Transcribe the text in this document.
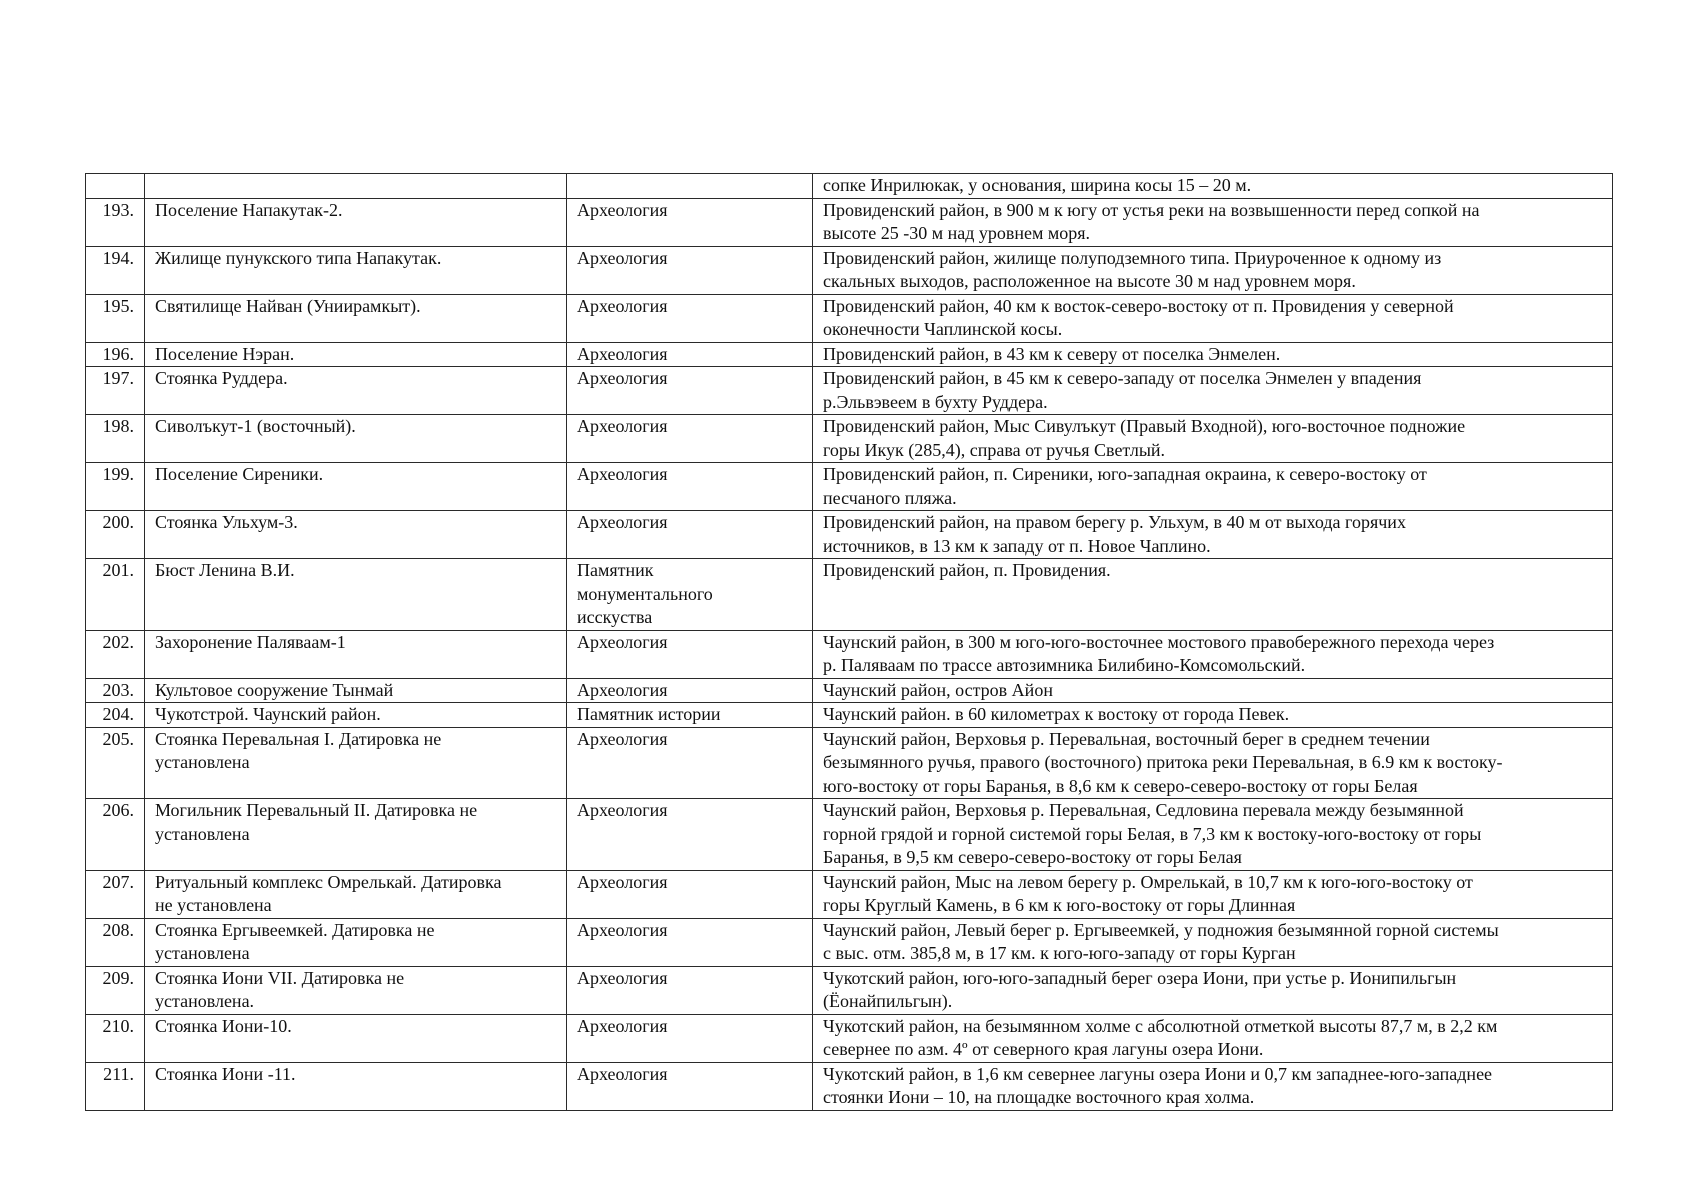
			сопке Инрилюкак, у основания, ширина косы 15 – 20 м.
193.	Поселение Напакутак-2.	Археология	Провиденский район, в 900 м к югу от устья реки на возвышенности перед сопкой на
высоте 25 -30 м над уровнем моря.
194.	Жилище пунукского типа Напакутак.	Археология	Провиденский район, жилище полуподземного типа. Приуроченное к одному из
скальных выходов, расположенное на высоте 30 м над уровнем моря.
195.	Святилище Найван (Униирамкыт).	Археология	Провиденский район, 40 км к восток-северо-востоку от п. Провидения у северной
оконечности Чаплинской косы.
196.	Поселение Нэран.	Археология	Провиденский район, в 43 км к северу от поселка Энмелен.
197.	Стоянка Руддера.	Археология	Провиденский район, в 45 км к северо-западу от поселка Энмелен у впадения
р.Эльвэвеем в бухту Руддера.
198.	Сиволъкут-1 (восточный).	Археология	Провиденский район, Мыс Сивулъкут (Правый Входной), юго-восточное подножие
горы Икук (285,4), справа от ручья Светлый.
199.	Поселение Сиреники.	Археология	Провиденский район, п. Сиреники, юго-западная окраина, к северо-востоку от
песчаного пляжа.
200.	Стоянка Ульхум-3.	Археология	Провиденский район, на правом берегу р. Ульхум, в 40 м от выхода горячих
источников, в 13 км к западу от п. Новое Чаплино.
201.	Бюст Ленина В.И.	Памятник
монументального
исскуства	Провиденский район, п. Провидения.
202.	Захоронение Паляваам-1	Археология	Чаунский район, в 300 м юго-юго-восточнее мостового правобережного перехода через
р. Паляваам по трассе автозимника Билибино-Комсомольский.
203.	Культовое сооружение Тынмай	Археология	Чаунский район, остров Айон
204.	Чукотстрой. Чаунский район.	Памятник истории	Чаунский район. в 60 километрах к востоку от города Певек.
205.	Стоянка Перевальная I. Датировка не
установлена	Археология	Чаунский район, Верховья р. Перевальная, восточный берег в среднем течении
безымянного ручья, правого (восточного) притока реки Перевальная, в 6.9 км к востоку-
юго-востоку от горы Баранья, в 8,6 км к северо-северо-востоку от горы Белая
206.	Могильник Перевальный II. Датировка не
установлена	Археология	Чаунский район, Верховья р. Перевальная, Седловина перевала между безымянной
горной грядой и горной системой горы Белая, в 7,3 км к востоку-юго-востоку от горы
Баранья, в 9,5 км северо-северо-востоку от горы Белая
207.	Ритуальный комплекс Омрелькай. Датировка
не установлена	Археология	Чаунский район, Мыс на левом берегу р. Омрелькай, в 10,7 км к юго-юго-востоку от
горы Круглый Камень, в 6 км к юго-востоку от горы Длинная
208.	Стоянка Ергывеемкей. Датировка не
установлена	Археология	Чаунский район, Левый берег р. Ергывеемкей, у подножия безымянной горной системы
с выс. отм. 385,8 м, в 17 км. к юго-юго-западу от горы Курган
209.	Стоянка Иони VII. Датировка не
установлена.	Археология	Чукотский район, юго-юго-западный берег озера Иони, при устье р. Ионипильгын
(Ёонайпильгын).
210.	Стоянка Иони-10.	Археология	Чукотский район, на безымянном холме с абсолютной отметкой высоты 87,7 м, в 2,2 км
севернее по азм. 4º от северного края лагуны озера Иони.
211.	Стоянка Иони -11.	Археология	Чукотский район, в 1,6 км севернее лагуны озера Иони и 0,7 км западнее-юго-западнее
стоянки Иони – 10, на площадке восточного края холма.
